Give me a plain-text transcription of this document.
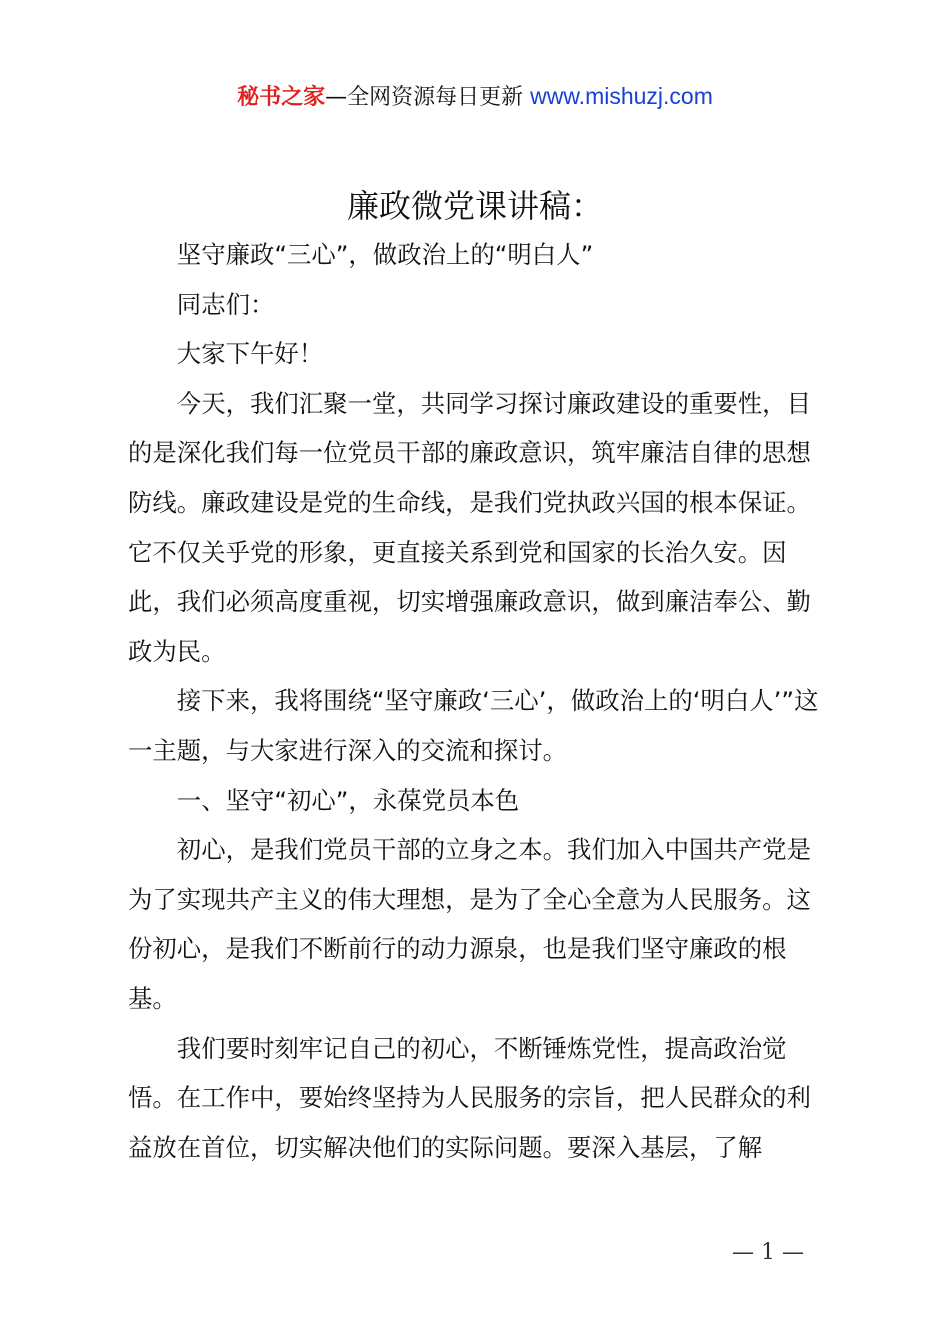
秘书之家—全网资源每日更新 www.mishuzj.com
廉政微党课讲稿：

坚守廉政“三心”，做政治上的“明白人”

同志们：

大家下午好！

今天，我们汇聚一堂，共同学习探讨廉政建设的重要性，目的是深化我们每一位党员干部的廉政意识，筑牢廉洁自律的思想防线。廉政建设是党的生命线，是我们党执政兴国的根本保证。它不仅关乎党的形象，更直接关系到党和国家的长治久安。因此，我们必须高度重视，切实增强廉政意识，做到廉洁奉公、勤政为民。

接下来，我将围绕“坚守廉政‘三心’，做政治上的‘明白人’”这一主题，与大家进行深入的交流和探讨。

一、坚守“初心”，永葆党员本色

初心，是我们党员干部的立身之本。我们加入中国共产党是为了实现共产主义的伟大理想，是为了全心全意为人民服务。这份初心，是我们不断前行的动力源泉，也是我们坚守廉政的根基。

我们要时刻牢记自己的初心，不断锤炼党性，提高政治觉悟。在工作中，要始终坚持为人民服务的宗旨，把人民群众的利益放在首位，切实解决他们的实际问题。要深入基层，了解

— 1 —
